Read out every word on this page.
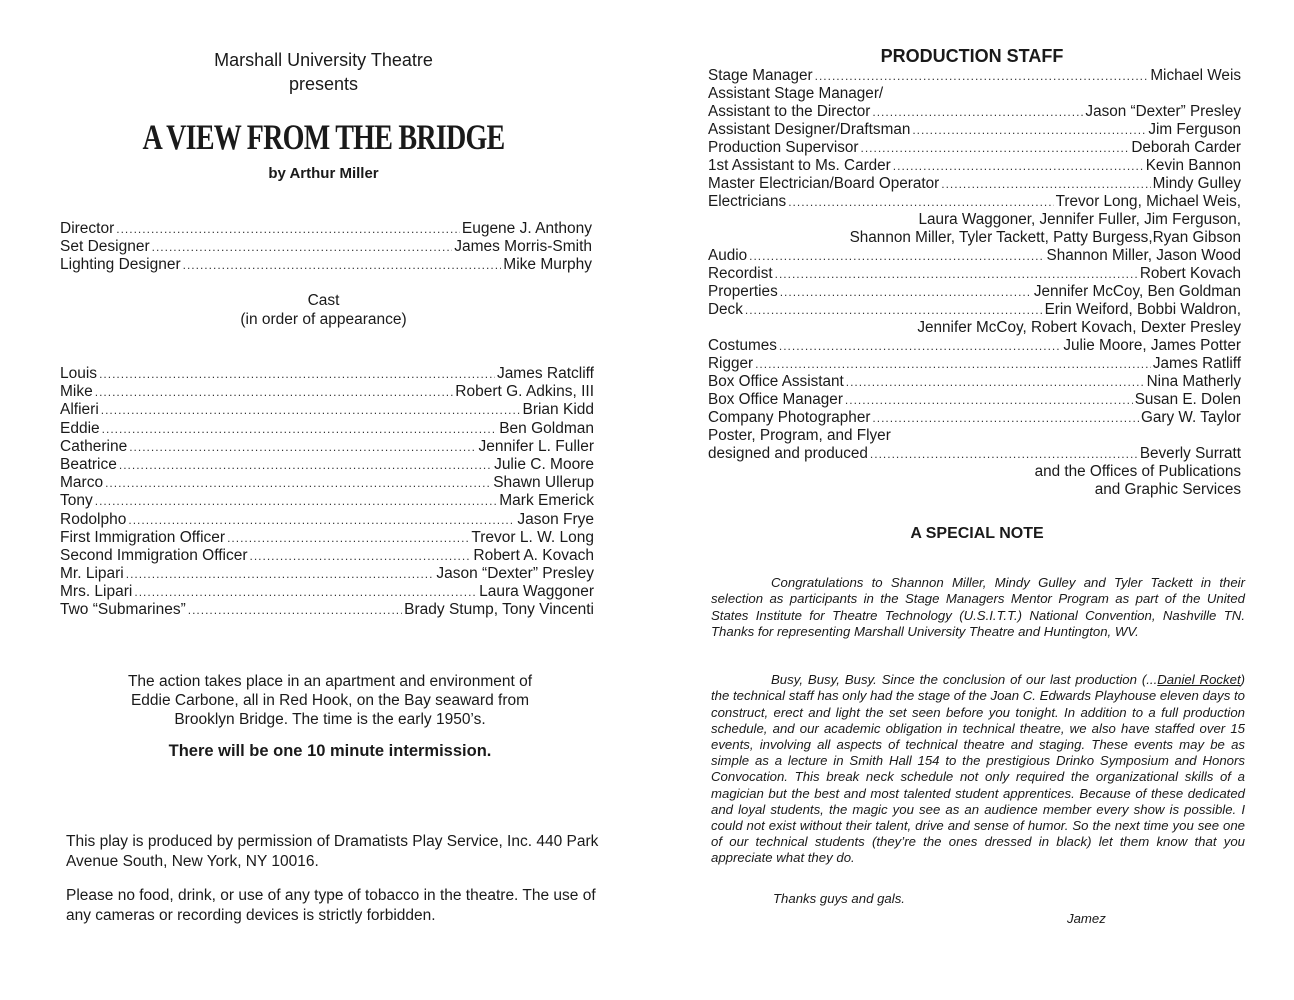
Marshall University Theatre
presents
A VIEW FROM THE BRIDGE
by Arthur Miller
Director .....	Eugene J. Anthony
Set Designer .....	James Morris-Smith
Lighting Designer .....	Mike Murphy
Cast
(in order of appearance)
Louis .....	James Ratcliff
Mike .....	Robert G. Adkins, III
Alfieri .....	Brian Kidd
Eddie .....	Ben Goldman
Catherine .....	Jennifer L. Fuller
Beatrice .....	Julie C. Moore
Marco .....	Shawn Ullerup
Tony .....	Mark Emerick
Rodolpho .....	Jason Frye
First Immigration Officer .....	Trevor L. W. Long
Second Immigration Officer .....	Robert A. Kovach
Mr. Lipari .....	Jason “Dexter” Presley
Mrs. Lipari .....	Laura Waggoner
Two “Submarines” .....	Brady Stump, Tony Vincenti
The action takes place in an apartment and environment of Eddie Carbone, all in Red Hook, on the Bay seaward from Brooklyn Bridge. The time is the early 1950’s.
There will be one 10 minute intermission.
This play is produced by permission of Dramatists Play Service, Inc. 440 Park Avenue South, New York, NY 10016.
Please no food, drink, or use of any type of tobacco in the theatre. The use of any cameras or recording devices is strictly forbidden.
PRODUCTION STAFF
Stage Manager .....	Michael Weis
Assistant Stage Manager/
Assistant to the Director .....	Jason “Dexter” Presley
Assistant Designer/Draftsman .....	Jim Ferguson
Production Supervisor .....	Deborah Carder
1st Assistant to Ms. Carder .....	Kevin Bannon
Master Electrician/Board Operator .....	Mindy Gulley
Electricians .....	Trevor Long, Michael Weis,
Laura Waggoner, Jennifer Fuller, Jim Ferguson,
Shannon Miller, Tyler Tackett, Patty Burgess,Ryan Gibson
Audio .....	Shannon Miller, Jason Wood
Recordist .....	Robert Kovach
Properties .....	Jennifer McCoy, Ben Goldman
Deck .....	Erin Weiford, Bobbi Waldron,
Jennifer McCoy, Robert Kovach, Dexter Presley
Costumes .....	Julie Moore, James Potter
Rigger .....	James Ratliff
Box Office Assistant .....	Nina Matherly
Box Office Manager .....	Susan E. Dolen
Company Photographer .....	Gary W. Taylor
Poster, Program, and Flyer
designed and produced .....	Beverly Surratt
and the Offices of Publications
and Graphic Services
A SPECIAL NOTE

Congratulations to Shannon Miller, Mindy Gulley and Tyler Tackett in their selection as participants in the Stage Managers Mentor Program as part of the United States Institute for Theatre Technology (U.S.I.T.T.) National Convention, Nashville TN. Thanks for representing Marshall University Theatre and Huntington, WV.

Busy, Busy, Busy. Since the conclusion of our last production (...Daniel Rocket) the technical staff has only had the stage of the Joan C. Edwards Playhouse eleven days to construct, erect and light the set seen before you tonight. In addition to a full production schedule, and our academic obligation in technical theatre, we also have staffed over 15 events, involving all aspects of technical theatre and staging. These events may be as simple as a lecture in Smith Hall 154 to the prestigious Drinko Symposium and Honors Convocation. This break neck schedule not only required the organizational skills of a magician but the best and most talented student apprentices. Because of these dedicated and loyal students, the magic you see as an audience member every show is possible. I could not exist without their talent, drive and sense of humor. So the next time you see one of our technical students (they’re the ones dressed in black) let them know that you appreciate what they do.

Thanks guys and gals.
Jamez
